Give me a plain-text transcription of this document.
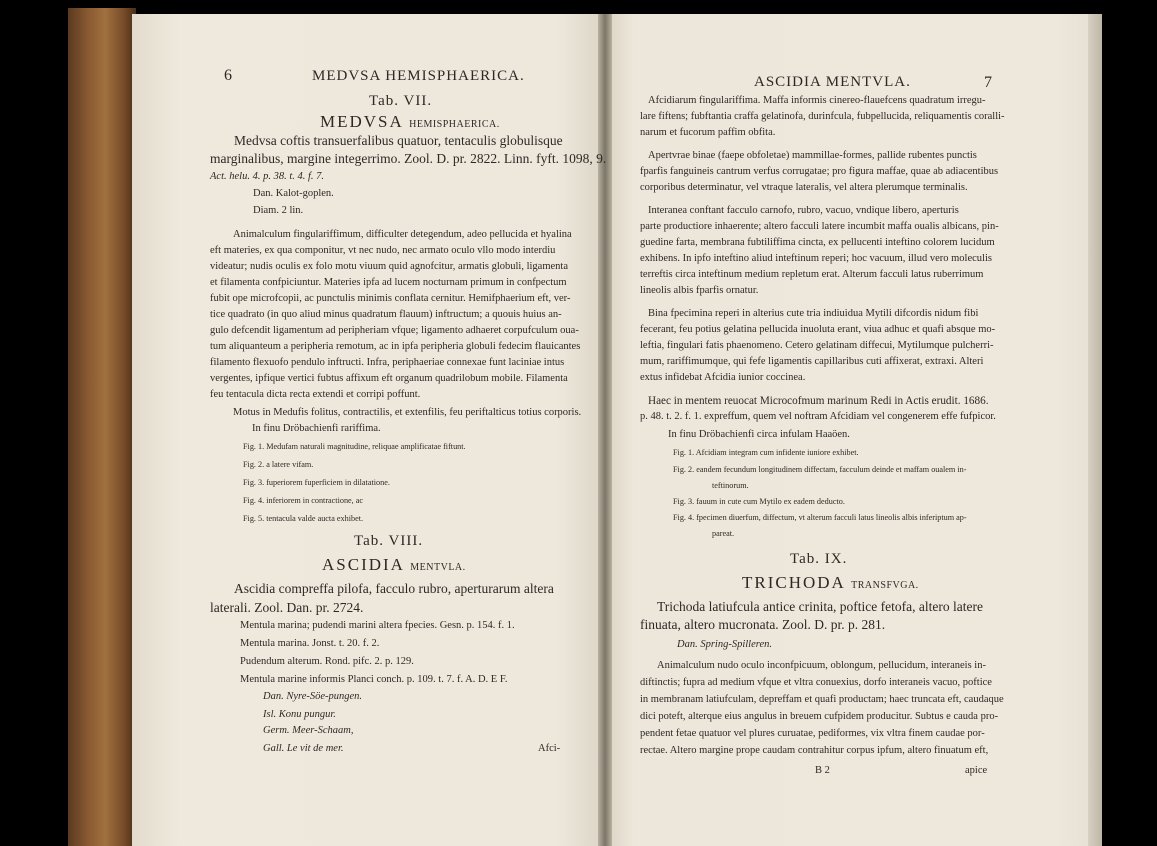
6	MEDVSA HEMISPHAERICA.
Tab. VII.
MEDVSA HEMISPHAERICA.
Medvsa coftis transuerfalibus quatuor, tentaculis globulisque
marginalibus, margine integerrimo. Zool. D. pr. 2822. Linn. fyft. 1098, 9.
Act. helu. 4. p. 38. t. 4. f. 7.
Dan. Kalot-goplen.
Diam. 2 lin.
Animalculum fingulariffimum, difficulter detegendum, adeo pellucida et hyalina
eft materies, ex qua componitur, vt nec nudo, nec armato oculo vllo modo interdiu
videatur; nudis oculis ex folo motu viuum quid agnofcitur, armatis globuli, ligamenta
et filamenta confpiciuntur. Materies ipfa ad lucem nocturnam primum in confpectum
fubit ope microfcopii, ac punctulis minimis conflata cernitur. Hemifphaerium eft, ver-
tice quadrato (in quo aliud minus quadratum flauum) inftructum; a quouis huius an-
gulo defcendit ligamentum ad peripheriam vfque; ligamento adhaeret corpufculum oua-
tum aliquanteum a peripheria remotum, ac in ipfa peripheria globuli fedecim flauicantes
filamento flexuofo pendulo inftructi. Infra, periphaeriae connexae funt laciniae intus
vergentes, ipfique vertici fubtus affixum eft organum quadrilobum mobile. Filamenta
feu tentacula dicta recta extendi et corripi poffunt.
Motus in Medufis folitus, contractilis, et extenfilis, feu periftalticus totius corporis.
In finu Dröbachienfi rariffima.
Fig. 1. Medufam naturali magnitudine, reliquae amplificatae fiftunt.
Fig. 2. a latere vifam.
Fig. 3. fuperiorem fuperficiem in dilatatione.
Fig. 4. inferiorem in contractione, ac
Fig. 5. tentacula valde aucta exhibet.
Tab. VIII.
ASCIDIA MENTVLA.
Ascidia compreffa pilofa, facculo rubro, aperturarum altera
laterali. Zool. Dan. pr. 2724.
Mentula marina; pudendi marini altera fpecies. Gesn. p. 154. f. 1.
Mentula marina. Jonst. t. 20. f. 2.
Pudendum alterum. Rond. pifc. 2. p. 129.
Mentula marine informis Planci conch. p. 109. t. 7. f. A. D. E F.
Dan. Nyre-Söe-pungen.
Isl. Konu pungur.
Germ. Meer-Schaam,
Gall. Le vit de mer.	Afci-
ASCIDIA MENTVLA.	7
Afcidiarum fingulariffima. Maffa informis cinereo-flauefcens quadratum irregu-
lare fiftens; fubftantia craffa gelatinofa, durinfcula, fubpellucida, reliquamentis coralli-
narum et fucorum paffim obfita.
Apertvrae binae (faepe obfoletae) mammillae-formes, pallide rubentes punctis
fparfis fanguineis cantrum verfus corrugatae; pro figura maffae, quae ab adiacentibus
corporibus determinatur, vel vtraque lateralis, vel altera plerumque terminalis.
Interanea conftant facculo carnofo, rubro, vacuo, vndique libero, aperturis
parte productiore inhaerente; altero facculi latere incumbit maffa oualis albicans, pin-
guedine farta, membrana fubtiliffima cincta, ex pellucenti inteftino colorem lucidum
exhibens. In ipfo inteftino aliud inteftinum reperi; hoc vacuum, illud vero moleculis
terreftis circa inteftinum medium repletum erat. Alterum facculi latus ruberrimum
lineolis albis fparfis ornatur.
Bina fpecimina reperi in alterius cute tria indiuidua Mytili difcordis nidum fibi
fecerant, feu potius gelatina pellucida inuoluta erant, viua adhuc et quafi absque mo-
leftia, fingulari fatis phaenomeno. Cetero gelatinam diffecui, Mytilumque pulcherri-
mum, rariffimumque, qui fefe ligamentis capillaribus cuti affixerat, extraxi. Alteri
extus infidebat Afcidia iunior coccinea.
Haec in mentem reuocat Microcofmum marinum Redi in Actis erudit. 1686.
p. 48. t. 2. f. 1. expreffum, quem vel noftram Afcidiam vel congenerem effe fufpicor.
In finu Dröbachienfi circa infulam Haaöen.
Fig. 1. Afcidiam integram cum infidente iuniore exhibet.
Fig. 2. eandem fecundum longitudinem diffectam, facculum deinde et maffam oualem in-
teftinorum.
Fig. 3. fauum in cute cum Mytilo ex eadem deducto.
Fig. 4. fpecimen diuerfum, diffectum, vt alterum facculi latus lineolis albis inferiptum ap-
pareat.
Tab. IX.
TRICHODA TRANSFVGA.
Trichoda latiufcula antice crinita, poftice fetofa, altero latere
finuata, altero mucronata. Zool. D. pr. p. 281.
Dan. Spring-Spilleren.
Animalculum nudo oculo inconfpicuum, oblongum, pellucidum, interaneis in-
diftinctis; fupra ad medium vfque et vltra conuexius, dorfo interaneis vacuo, poftice
in membranam latiufculam, depreffam et quafi productam; haec truncata eft, caudaque
dici poteft, alterque eius angulus in breuem cufpidem producitur. Subtus e cauda pro-
pendent fetae quatuor vel plures curuatae, pediformes, vix vltra finem caudae por-
rectae. Altero margine prope caudam contrahitur corpus ipfum, altero finuatum eft,
B 2	apice
